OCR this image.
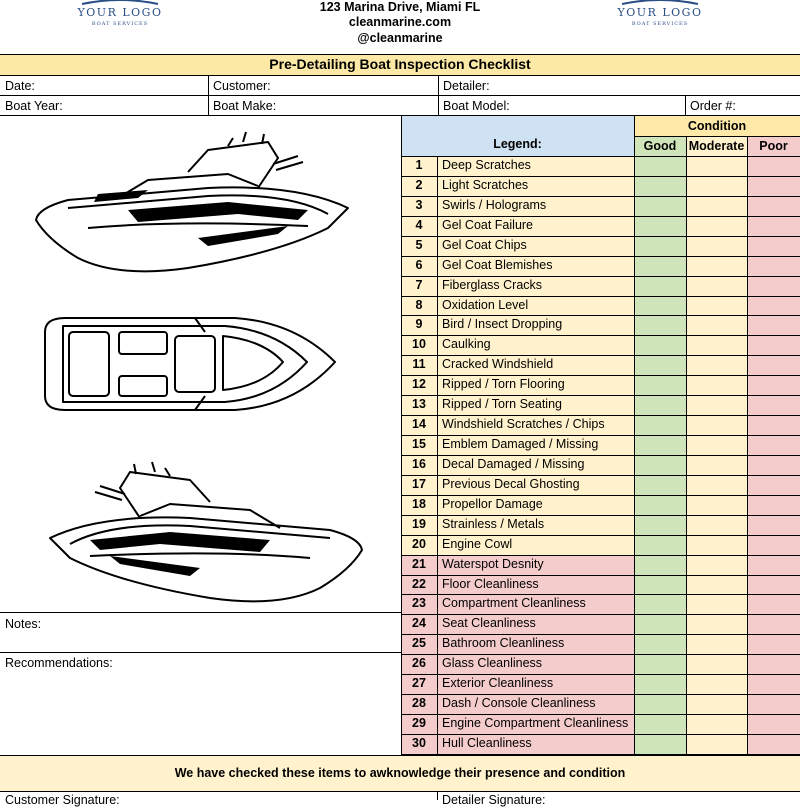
YOUR LOGO
BOAT SERVICES
123 Marina Drive, Miami FL
cleanmarine.com
@cleanmarine
YOUR LOGO
BOAT SERVICES
Pre-Detailing Boat Inspection Checklist
Date:	Customer:	Detailer:
Boat Year:	Boat Make:	Boat Model:	Order #:
Legend:
Condition
Good Moderate	Poor
1	Deep Scratches
2	Light Scratches
3	Swirls / Holograms
4	Gel Coat Failure
5	Gel Coat Chips
6	Gel Coat Blemishes
7	Fiberglass Cracks
8	Oxidation Level
9	Bird / Insect Dropping
10	Caulking
11	Cracked Windshield
12	Ripped / Torn Flooring
13	Ripped / Torn Seating
14	Windshield Scratches / Chips
15	Emblem Damaged / Missing
16	Decal Damaged / Missing
17	Previous Decal Ghosting
18	Propellor Damage
19	Strainless / Metals
20	Engine Cowl
21	Waterspot Desnity
22	Floor Cleanliness
23	Compartment Cleanliness
24	Seat Cleanliness
25	Bathroom Cleanliness
26	Glass Cleanliness
27	Exterior Cleanliness
28	Dash / Console Cleanliness
29	Engine Compartment Cleanliness
30	Hull Cleanliness
Notes:
Recommendations:
We have checked these items to awknowledge their presence and condition
Customer Signature:	Detailer Signature:
